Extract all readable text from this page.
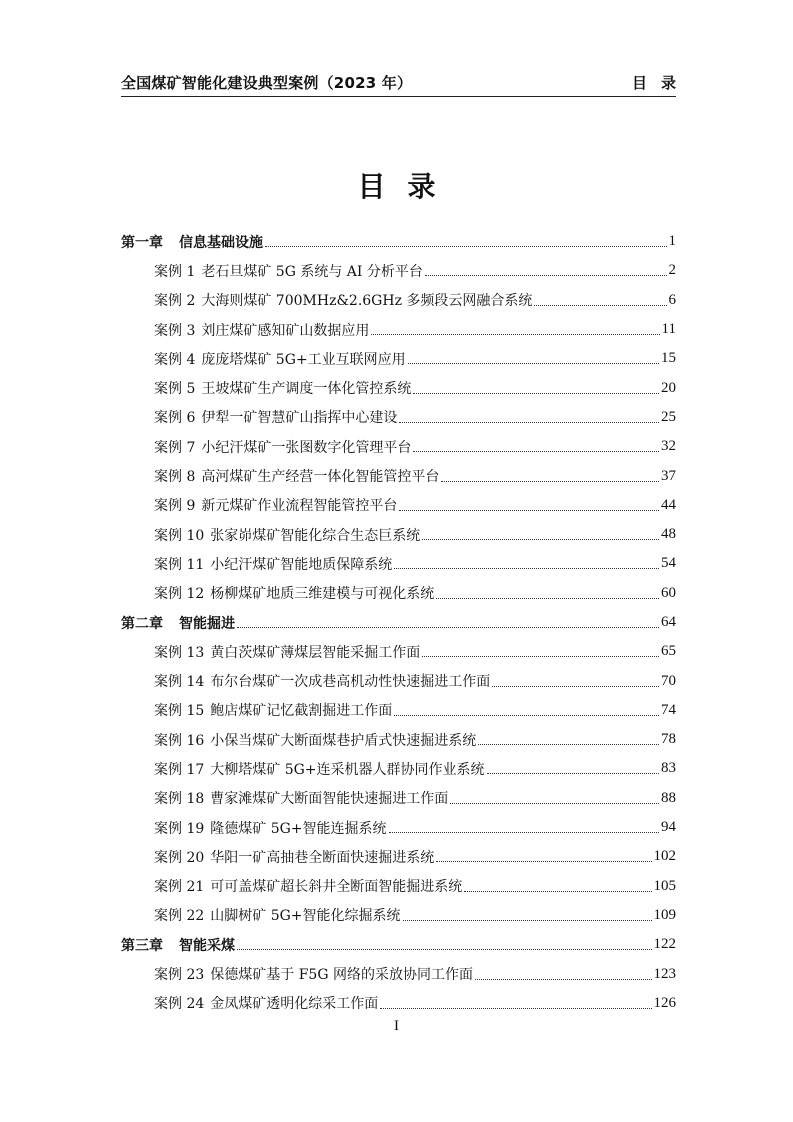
全国煤矿智能化建设典型案例（2023 年）	目录
目录
第一章 信息基础设施	1
案例 1 老石旦煤矿 5G 系统与 AI 分析平台	2
案例 2 大海则煤矿 700MHz&2.6GHz 多频段云网融合系统	6
案例 3 刘庄煤矿感知矿山数据应用	11
案例 4 庞庞塔煤矿 5G+工业互联网应用	15
案例 5 王坡煤矿生产调度一体化管控系统	20
案例 6 伊犁一矿智慧矿山指挥中心建设	25
案例 7 小纪汗煤矿一张图数字化管理平台	32
案例 8 高河煤矿生产经营一体化智能管控平台	37
案例 9 新元煤矿作业流程智能管控平台	44
案例 10 张家峁煤矿智能化综合生态巨系统	48
案例 11 小纪汗煤矿智能地质保障系统	54
案例 12 杨柳煤矿地质三维建模与可视化系统	60
第二章 智能掘进	64
案例 13 黄白茨煤矿薄煤层智能采掘工作面	65
案例 14 布尔台煤矿一次成巷高机动性快速掘进工作面	70
案例 15 鲍店煤矿记忆截割掘进工作面	74
案例 16 小保当煤矿大断面煤巷护盾式快速掘进系统	78
案例 17 大柳塔煤矿 5G+连采机器人群协同作业系统	83
案例 18 曹家滩煤矿大断面智能快速掘进工作面	88
案例 19 隆德煤矿 5G+智能连掘系统	94
案例 20 华阳一矿高抽巷全断面快速掘进系统	102
案例 21 可可盖煤矿超长斜井全断面智能掘进系统	105
案例 22 山脚树矿 5G+智能化综掘系统	109
第三章 智能采煤	122
案例 23 保德煤矿基于 F5G 网络的采放协同工作面	123
案例 24 金凤煤矿透明化综采工作面	126
I
